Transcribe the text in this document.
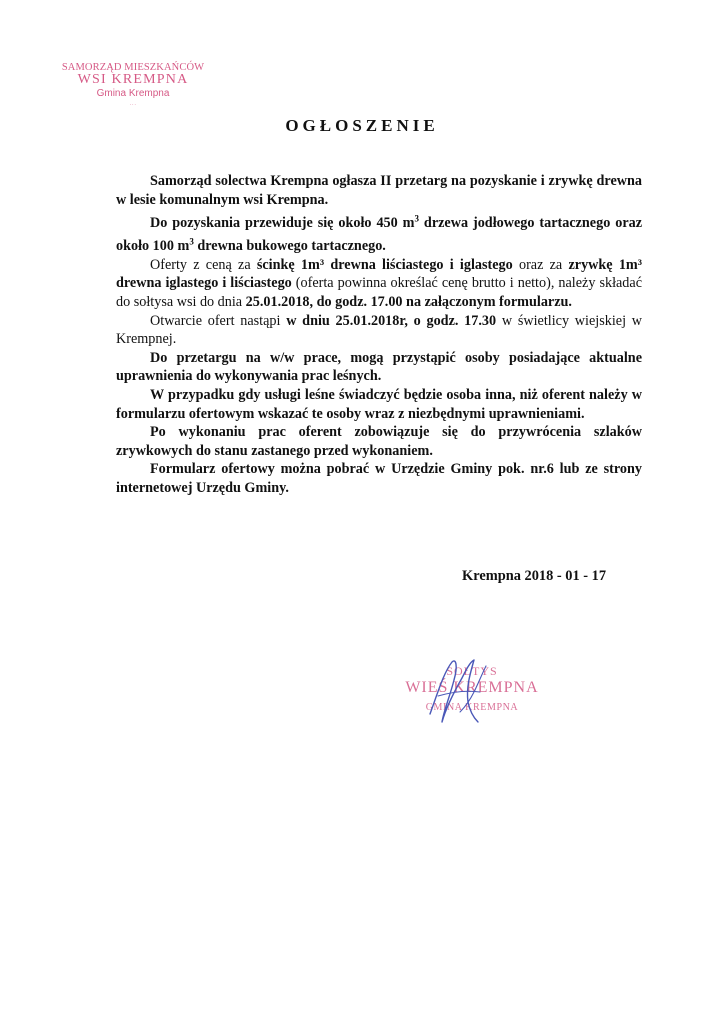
SAMORZĄD MIESZKAŃCÓW
WSI KREMPNA
Gmina Krempna
...
OGŁOSZENIE

Samorząd solectwa Krempna ogłasza II przetarg na pozyskanie i zrywkę drewna w lesie komunalnym wsi Krempna.

Do pozyskania przewiduje się około 450 $m^3$ drzewa jodłowego tartacznego oraz około 100 $m^3$ drewna bukowego tartacznego.

Oferty z ceną za ścinkę 1m³ drewna liściastego i iglastego oraz za zrywkę 1m³ drewna iglastego i liściastego (oferta powinna określać cenę brutto i netto), należy składać do sołtysa wsi do dnia 25.01.2018, do godz. 17.00 na załączonym formularzu.

Otwarcie ofert nastąpi w dniu 25.01.2018r, o godz. 17.30 w świetlicy wiejskiej w Krempnej.

Do przetargu na w/w prace, mogą przystąpić osoby posiadające aktualne uprawnienia do wykonywania prac leśnych.

W przypadku gdy usługi leśne świadczyć będzie osoba inna, niż oferent należy w formularzu ofertowym wskazać te osoby wraz z niezbędnymi uprawnieniami.

Po wykonaniu prac oferent zobowiązuje się do przywrócenia szlaków zrywkowych do stanu zastanego przed wykonaniem.

Formularz ofertowy można pobrać w Urzędzie Gminy pok. nr.6 lub ze strony internetowej Urzędu Gminy.

Krempna 2018 - 01 - 17
SOŁTYS
WIEŚ KREMPNA
GMINA KREMPNA
